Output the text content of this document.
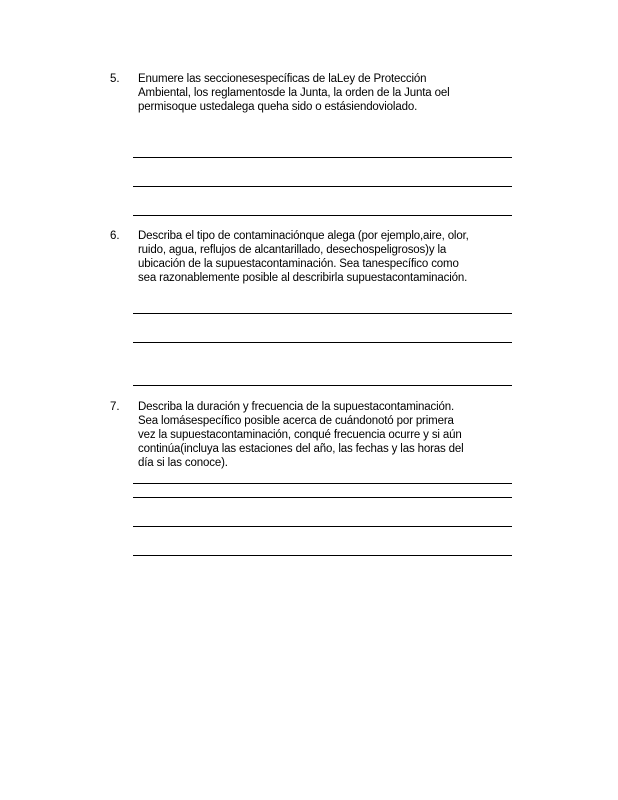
5. Enumere las seccionesespecíficas de laLey de Protección
Ambiental, los reglamentosde la Junta, la orden de la Junta oel
permisoque ustedalega queha sido o estásiendoviolado.
6. Describa el tipo de contaminaciónque alega (por ejemplo,aire, olor,
ruido, agua, reflujos de alcantarillado, desechospeligrosos)y la
ubicación de la supuestacontaminación. Sea tanespecífico como
sea razonablemente posible al describirla supuestacontaminación.
7. Describa la duración y frecuencia de la supuestacontaminación.
Sea lomásespecífico posible acerca de cuándonotó por primera
vez la supuestacontaminación, conqué frecuencia ocurre y si aún
continúa(incluya las estaciones del año, las fechas y las horas del
día si las conoce).
